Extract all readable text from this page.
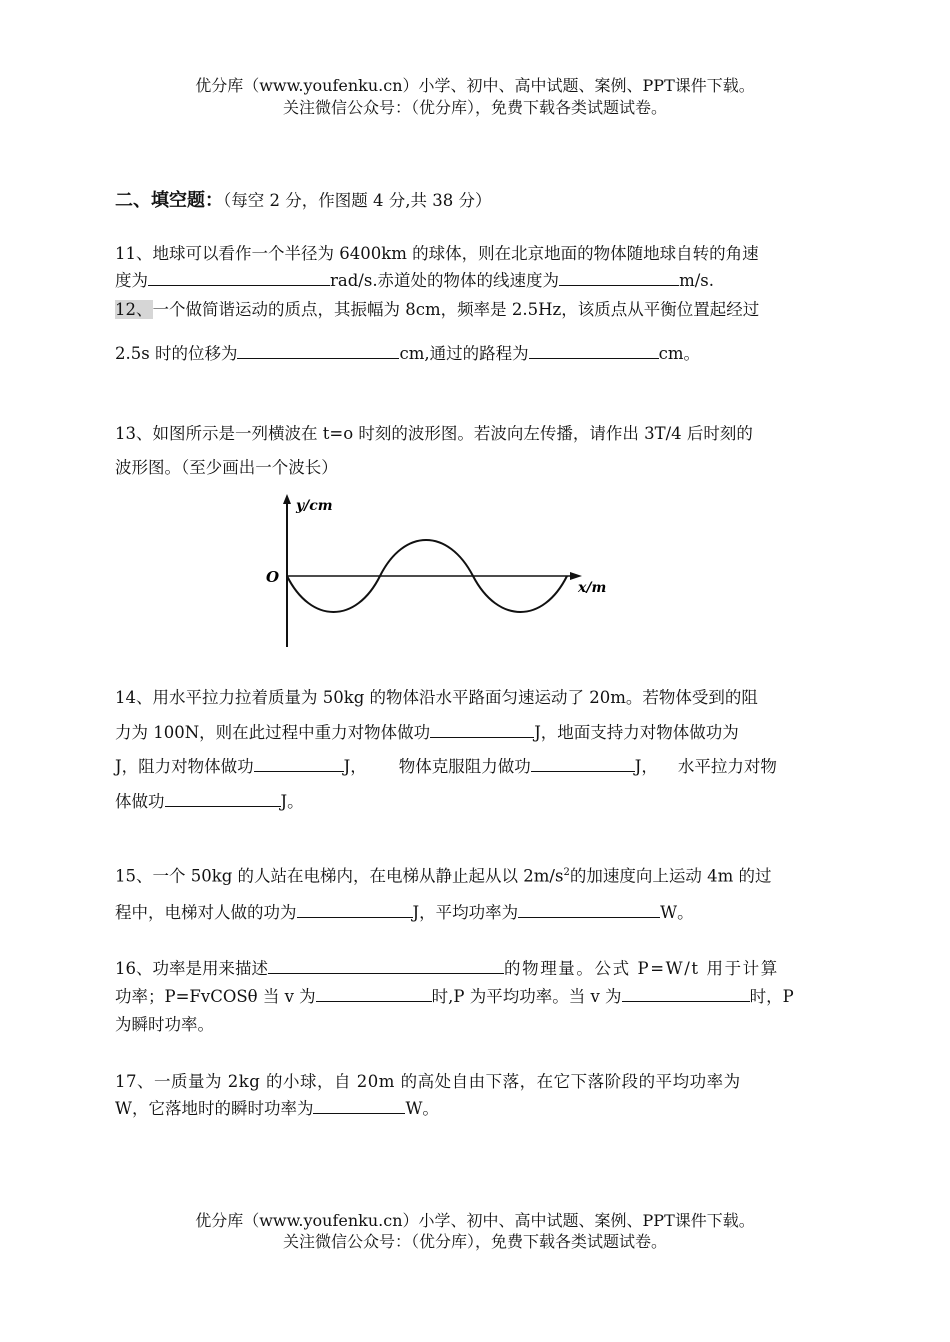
优分库（www.youfenku.cn）小学、初中、高中试题、案例、PPT课件下载。
关注微信公众号：（优分库），免费下载各类试题试卷。
二、填空题：（每空 2 分，作图题 4 分,共 38 分）
11、地球可以看作一个半径为 6400km 的球体，则在北京地面的物体随地球自转的角速
度为	rad/s.赤道处的物体的线速度为	m/s.
12、一个做简谐运动的质点，其振幅为 8cm，频率是 2.5Hz，该质点从平衡位置起经过
2.5s 时的位移为	cm,通过的路程为	cm。
13、如图所示是一列横波在 t=o 时刻的波形图。若波向左传播，请作出 3T/4 后时刻的
波形图。（至少画出一个波长）
y/cm
O
x/m
14、用水平拉力拉着质量为 50kg 的物体沿水平路面匀速运动了 20m。若物体受到的阻
力为 100N，则在此过程中重力对物体做功	J，地面支持力对物体做功为
J，阻力对物体做功	J， 物体克服阻力做功	J， 水平拉力对物
体做功	J。
15、一个 50kg 的人站在电梯内，在电梯从静止起从以 $2m/s^2$的加速度向上运动 4m 的过
程中，电梯对人做的功为	J，平均功率为	W。
16、功率是用来描述	的物理量。公式 P=W/t 用于计算
功率；P=FvCOSθ 当 v 为	时,P 为平均功率。当 v 为	时，P
为瞬时功率。
17、一质量为 2kg 的小球，自 20m 的高处自由下落，在它下落阶段的平均功率为
W，它落地时的瞬时功率为	W。
优分库（www.youfenku.cn）小学、初中、高中试题、案例、PPT课件下载。
关注微信公众号：（优分库），免费下载各类试题试卷。
